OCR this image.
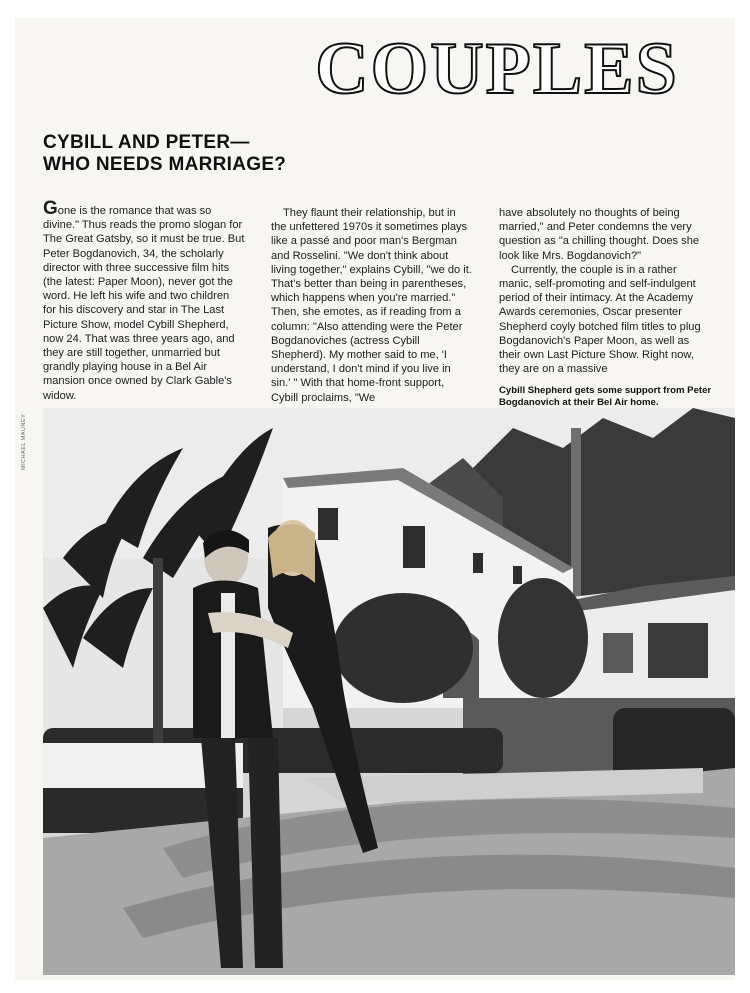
COUPLES
CYBILL AND PETER—
WHO NEEDS MARRIAGE?

Gone is the romance that was so divine." Thus reads the promo slogan for The Great Gatsby, so it must be true. But Peter Bogdanovich, 34, the scholarly director with three successive film hits (the latest: Paper Moon), never got the word. He left his wife and two children for his discovery and star in The Last Picture Show, model Cybill Shepherd, now 24. That was three years ago, and they are still together, unmarried but grandly playing house in a Bel Air mansion once owned by Clark Gable's widow.

They flaunt their relationship, but in the unfettered 1970s it sometimes plays like a passé and poor man's Bergman and Rosselini. "We don't think about living together," explains Cybill, "we do it. That's better than being in parentheses, which happens when you're married." Then, she emotes, as if reading from a column: "Also attending were the Peter Bogdanoviches (actress Cybill Shepherd). My mother said to me, 'I understand, I don't mind if you live in sin.' " With that home-front support, Cybill proclaims, "We

have absolutely no thoughts of being married," and Peter condemns the very question as "a chilling thought. Does she look like Mrs. Bogdanovich?"

Currently, the couple is in a rather manic, self-promoting and self-indulgent period of their intimacy. At the Academy Awards ceremonies, Oscar presenter Shepherd coyly botched film titles to plug Bogdanovich's Paper Moon, as well as their own Last Picture Show. Right now, they are on a massive

Cybill Shepherd gets some support from Peter Bogdanovich at their Bel Air home.
MICHAEL MAUNEY
